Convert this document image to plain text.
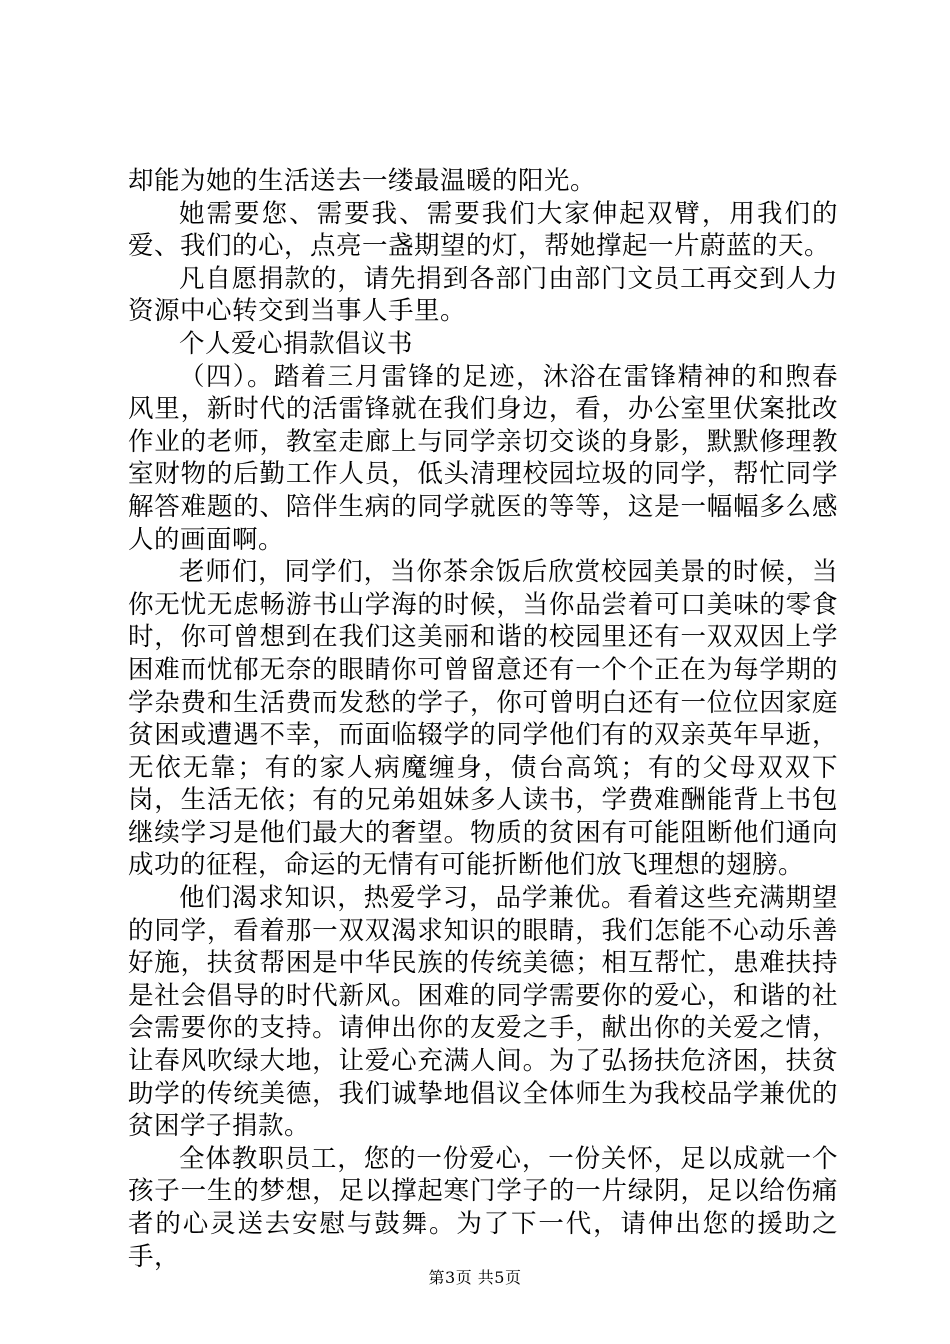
却能为她的生活送去一缕最温暖的阳光。

她需要您、需要我、需要我们大家伸起双臂，用我们的爱、我们的心，点亮一盏期望的灯，帮她撑起一片蔚蓝的天。

凡自愿捐款的，请先捐到各部门由部门文员工再交到人力资源中心转交到当事人手里。

个人爱心捐款倡议书

（四）。踏着三月雷锋的足迹，沐浴在雷锋精神的和煦春风里，新时代的活雷锋就在我们身边，看，办公室里伏案批改作业的老师，教室走廊上与同学亲切交谈的身影，默默修理教室财物的后勤工作人员，低头清理校园垃圾的同学，帮忙同学解答难题的、陪伴生病的同学就医的等等，这是一幅幅多么感人的画面啊。

老师们，同学们，当你茶余饭后欣赏校园美景的时候，当你无忧无虑畅游书山学海的时候，当你品尝着可口美味的零食时，你可曾想到在我们这美丽和谐的校园里还有一双双因上学困难而忧郁无奈的眼睛你可曾留意还有一个个正在为每学期的学杂费和生活费而发愁的学子，你可曾明白还有一位位因家庭贫困或遭遇不幸，而面临辍学的同学他们有的双亲英年早逝，无依无靠；有的家人病魔缠身，债台高筑；有的父母双双下岗，生活无依；有的兄弟姐妹多人读书，学费难酬能背上书包继续学习是他们最大的奢望。物质的贫困有可能阻断他们通向成功的征程，命运的无情有可能折断他们放飞理想的翅膀。

他们渴求知识，热爱学习，品学兼优。看着这些充满期望的同学，看着那一双双渴求知识的眼睛，我们怎能不心动乐善好施，扶贫帮困是中华民族的传统美德；相互帮忙，患难扶持是社会倡导的时代新风。困难的同学需要你的爱心，和谐的社会需要你的支持。请伸出你的友爱之手，献出你的关爱之情，让春风吹绿大地，让爱心充满人间。为了弘扬扶危济困，扶贫助学的传统美德，我们诚挚地倡议全体师生为我校品学兼优的贫困学子捐款。

全体教职员工，您的一份爱心，一份关怀，足以成就一个孩子一生的梦想，足以撑起寒门学子的一片绿阴，足以给伤痛者的心灵送去安慰与鼓舞。为了下一代，请伸出您的援助之手，

第3页 共5页
